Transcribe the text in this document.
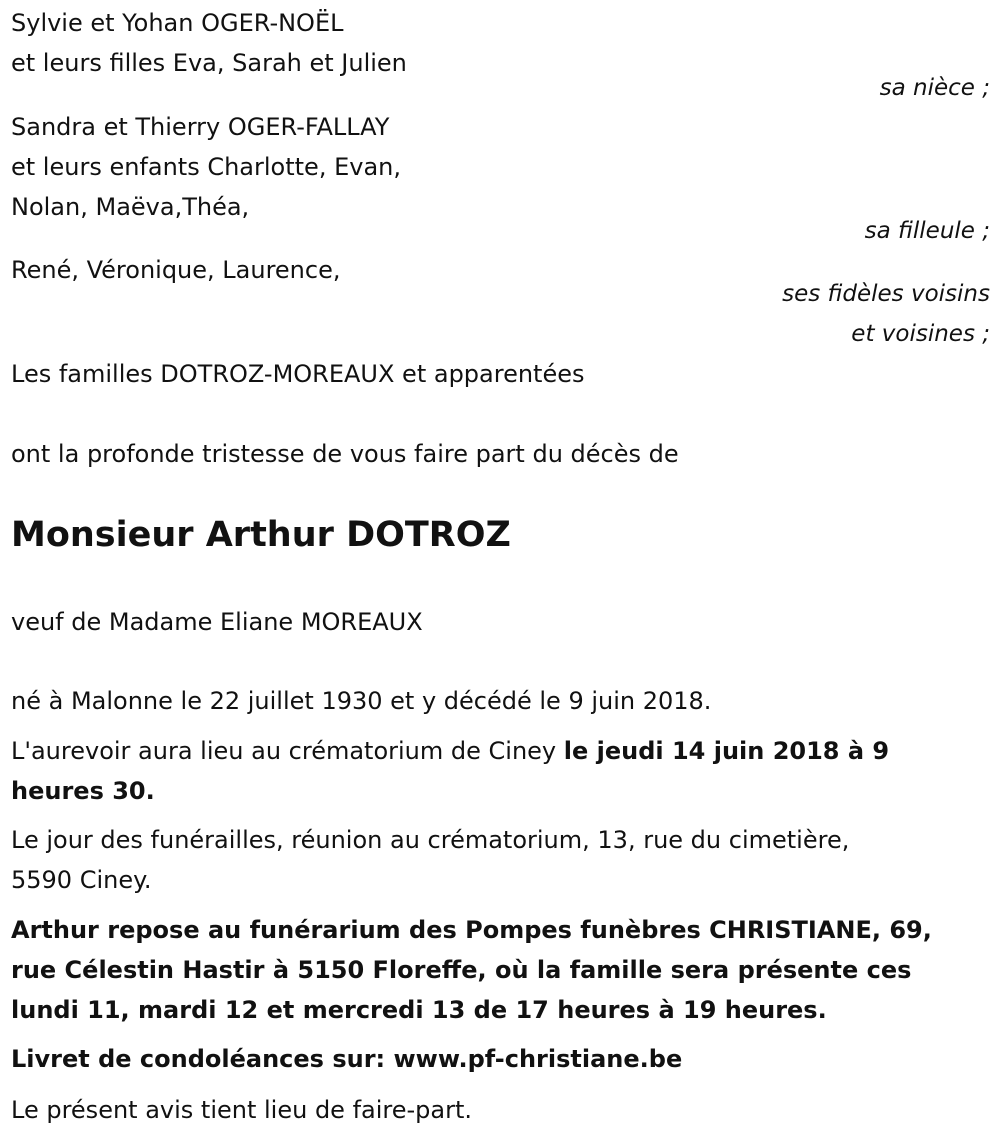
Sylvie et Yohan OGER-NOËL
et leurs filles Eva, Sarah et Julien
sa nièce ;
Sandra et Thierry OGER-FALLAY
et leurs enfants Charlotte, Evan,
Nolan, Maëva,Théa,
sa filleule ;
René, Véronique, Laurence,
ses fidèles voisins
et voisines ;
Les familles DOTROZ-MOREAUX et apparentées
ont la profonde tristesse de vous faire part du décès de
Monsieur Arthur DOTROZ
veuf de Madame Eliane MOREAUX
né à Malonne le 22 juillet 1930 et y décédé le 9 juin 2018.
L'aurevoir aura lieu au crématorium de Ciney le jeudi 14 juin 2018 à 9
heures 30.
Le jour des funérailles, réunion au crématorium, 13, rue du cimetière,
5590 Ciney.
Arthur repose au funérarium des Pompes funèbres CHRISTIANE, 69,
rue Célestin Hastir à 5150 Floreffe, où la famille sera présente ces
lundi 11, mardi 12 et mercredi 13 de 17 heures à 19 heures.
Livret de condoléances sur: www.pf-christiane.be
Le présent avis tient lieu de faire-part.
